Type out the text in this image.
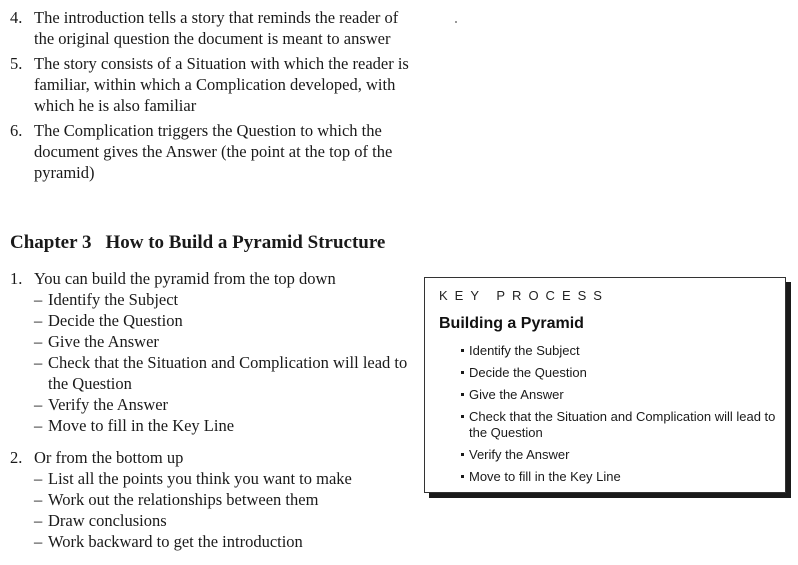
4. The introduction tells a story that reminds the reader of the original question the document is meant to answer
5. The story consists of a Situation with which the reader is familiar, within which a Complication developed, with which he is also familiar
6. The Complication triggers the Question to which the document gives the Answer (the point at the top of the pyramid)
Chapter 3 How to Build a Pyramid Structure
1. You can build the pyramid from the top down
– Identify the Subject
– Decide the Question
– Give the Answer
– Check that the Situation and Complication will lead to the Question
– Verify the Answer
– Move to fill in the Key Line
2. Or from the bottom up
– List all the points you think you want to make
– Work out the relationships between them
– Draw conclusions
– Work backward to get the introduction
KEY PROCESS
Building a Pyramid
Identify the Subject
Decide the Question
Give the Answer
Check that the Situation and Complication will lead to the Question
Verify the Answer
Move to fill in the Key Line
